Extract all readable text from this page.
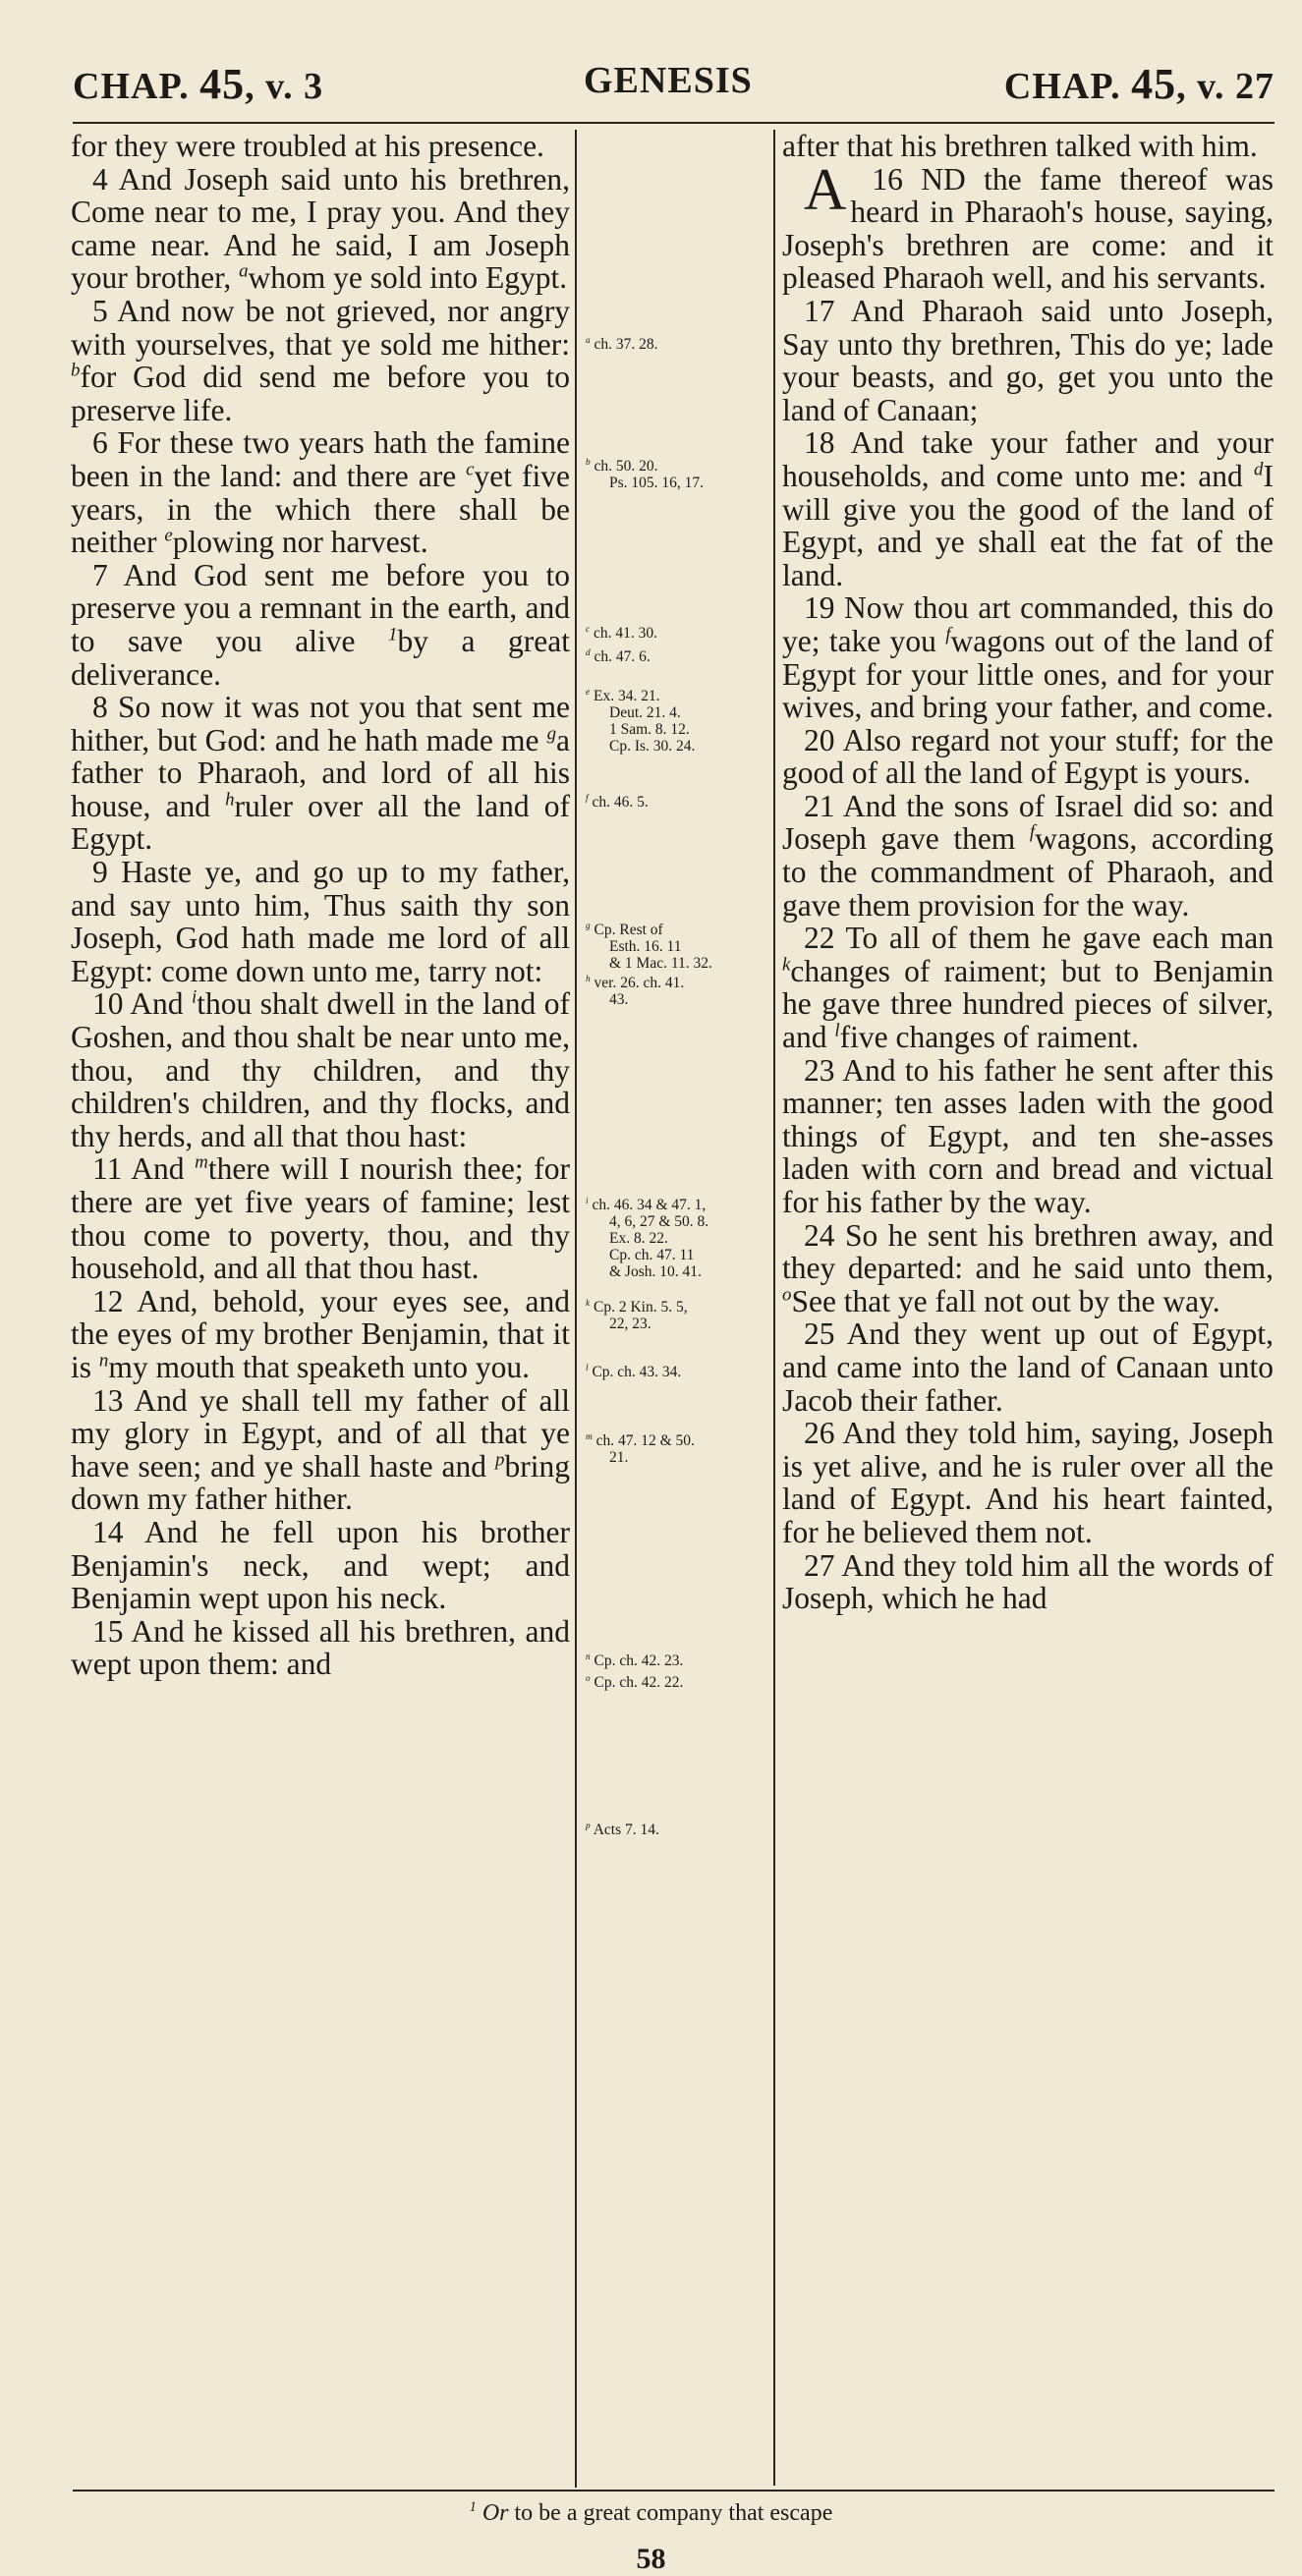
CHAP. 45, v. 3	GENESIS	CHAP. 45, v. 27

for they were troubled at his presence.

4 And Joseph said unto his brethren, Come near to me, I pray you. And they came near. And he said, I am Joseph your brother, $^a$whom ye sold into Egypt.

5 And now be not grieved, nor angry with yourselves, that ye sold me hither: $^b$for God did send me before you to preserve life.

6 For these two years hath the famine been in the land: and there are $^c$yet five years, in the which there shall be neither $^e$plowing nor harvest.

7 And God sent me before you to preserve you a remnant in the earth, and to save you alive $^1$by a great deliverance.

8 So now it was not you that sent me hither, but God: and he hath made me $^g$a father to Pharaoh, and lord of all his house, and $^h$ruler over all the land of Egypt.

9 Haste ye, and go up to my father, and say unto him, Thus saith thy son Joseph, God hath made me lord of all Egypt: come down unto me, tarry not:

10 And $^i$thou shalt dwell in the land of Goshen, and thou shalt be near unto me, thou, and thy children, and thy children's children, and thy flocks, and thy herds, and all that thou hast:

11 And $^m$there will I nourish thee; for there are yet five years of famine; lest thou come to poverty, thou, and thy household, and all that thou hast.

12 And, behold, your eyes see, and the eyes of my brother Benjamin, that it is $^n$my mouth that speaketh unto you.

13 And ye shall tell my father of all my glory in Egypt, and of all that ye have seen; and ye shall haste and $^p$bring down my father hither.

14 And he fell upon his brother Benjamin's neck, and wept; and Benjamin wept upon his neck.

15 And he kissed all his brethren, and wept upon them: and

$^a$ ch. 37. 28.
$^b$ ch. 50. 20.
Ps. 105. 16, 17.
$^c$ ch. 41. 30.
$^d$ ch. 47. 6.
$^e$ Ex. 34. 21.
Deut. 21. 4.
1 Sam. 8. 12.
Cp. Is. 30. 24.
$^f$ ch. 46. 5.
$^g$ Cp. Rest of
Esth. 16. 11
& 1 Mac. 11. 32.
$^h$ ver. 26. ch. 41.
43.
$^i$ ch. 46. 34 & 47. 1,
4, 6, 27 & 50. 8.
Ex. 8. 22.
Cp. ch. 47. 11
& Josh. 10. 41.
$^k$ Cp. 2 Kin. 5. 5,
22, 23.
$^l$ Cp. ch. 43. 34.
$^m$ ch. 47. 12 & 50.
21.
$^n$ Cp. ch. 42. 23.
$^o$ Cp. ch. 42. 22.
$^p$ Acts 7. 14.

after that his brethren talked with him.

16
A ND the fame thereof was heard in Pharaoh's house, saying, Joseph's brethren are come: and it pleased Pharaoh well, and his servants.

17 And Pharaoh said unto Joseph, Say unto thy brethren, This do ye; lade your beasts, and go, get you unto the land of Canaan;

18 And take your father and your households, and come unto me: and $^d$I will give you the good of the land of Egypt, and ye shall eat the fat of the land.

19 Now thou art commanded, this do ye; take you $^f$wagons out of the land of Egypt for your little ones, and for your wives, and bring your father, and come.

20 Also regard not your stuff; for the good of all the land of Egypt is yours.

21 And the sons of Israel did so: and Joseph gave them $^f$wagons, according to the commandment of Pharaoh, and gave them provision for the way.

22 To all of them he gave each man $^k$changes of raiment; but to Benjamin he gave three hundred pieces of silver, and $^l$five changes of raiment.

23 And to his father he sent after this manner; ten asses laden with the good things of Egypt, and ten she-asses laden with corn and bread and victual for his father by the way.

24 So he sent his brethren away, and they departed: and he said unto them, $^o$See that ye fall not out by the way.

25 And they went up out of Egypt, and came into the land of Canaan unto Jacob their father.

26 And they told him, saying, Joseph is yet alive, and he is ruler over all the land of Egypt. And his heart fainted, for he believed them not.

27 And they told him all the words of Joseph, which he had

$^1$ Or to be a great company that escape
58
